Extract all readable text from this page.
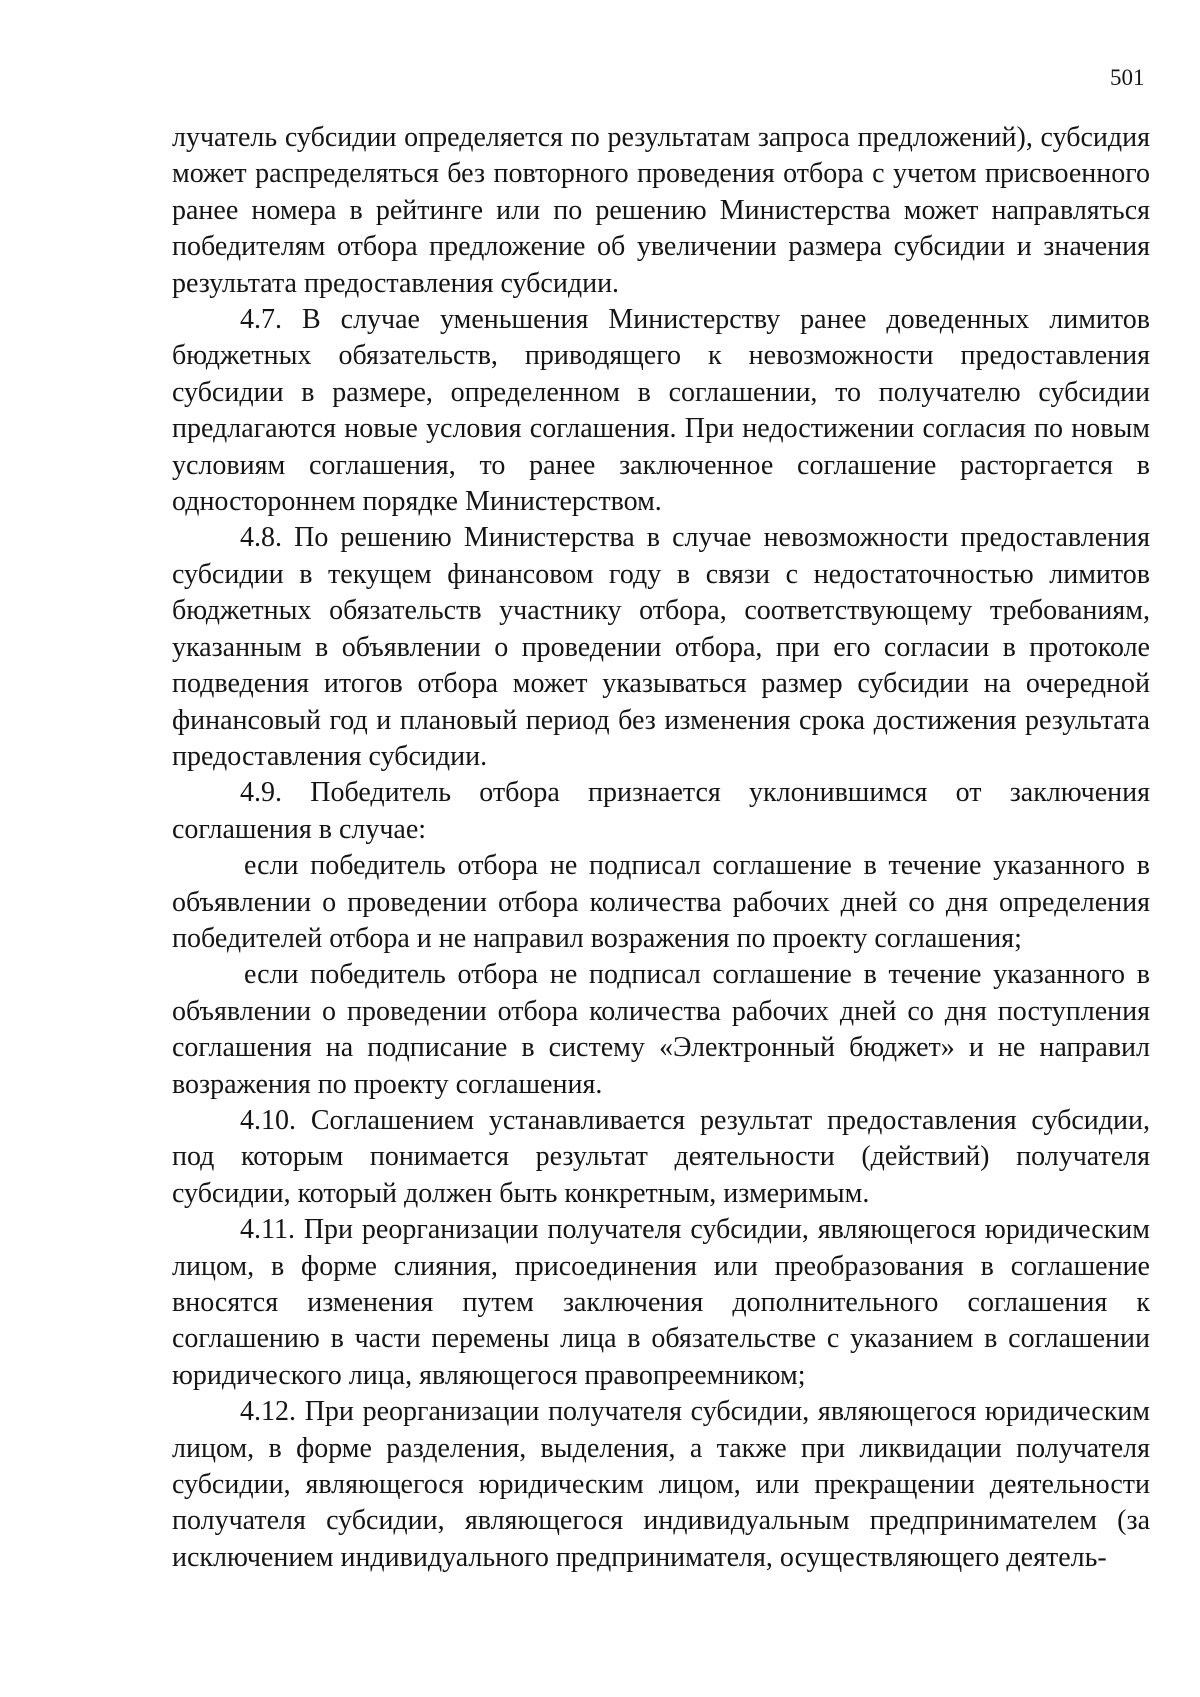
501

лучатель субсидии определяется по результатам запроса предложений), субсидия может распределяться без повторного проведения отбора с учетом присвоенного ранее номера в рейтинге или по решению Министерства может направляться победителям отбора предложение об увеличении размера субсидии и значения результата предоставления субсидии.

4.7. В случае уменьшения Министерству ранее доведенных лимитов бюджетных обязательств, приводящего к невозможности предоставления субсидии в размере, определенном в соглашении, то получателю субсидии предлагаются новые условия соглашения. При недостижении согласия по новым условиям соглашения, то ранее заключенное соглашение расторгается в одностороннем порядке Министерством.

4.8. По решению Министерства в случае невозможности предоставления субсидии в текущем финансовом году в связи с недостаточностью лимитов бюджетных обязательств участнику отбора, соответствующему требованиям, указанным в объявлении о проведении отбора, при его согласии в протоколе подведения итогов отбора может указываться размер субсидии на очередной финансовый год и плановый период без изменения срока достижения результата предоставления субсидии.

4.9. Победитель отбора признается уклонившимся от заключения соглашения в случае:

если победитель отбора не подписал соглашение в течение указанного в объявлении о проведении отбора количества рабочих дней со дня определения победителей отбора и не направил возражения по проекту соглашения;

если победитель отбора не подписал соглашение в течение указанного в объявлении о проведении отбора количества рабочих дней со дня поступления соглашения на подписание в систему «Электронный бюджет» и не направил возражения по проекту соглашения.

4.10. Соглашением устанавливается результат предоставления субсидии, под которым понимается результат деятельности (действий) получателя субсидии, который должен быть конкретным, измеримым.

4.11. При реорганизации получателя субсидии, являющегося юридическим лицом, в форме слияния, присоединения или преобразования в соглашение вносятся изменения путем заключения дополнительного соглашения к соглашению в части перемены лица в обязательстве с указанием в соглашении юридического лица, являющегося правопреемником;

4.12. При реорганизации получателя субсидии, являющегося юридическим лицом, в форме разделения, выделения, а также при ликвидации получателя субсидии, являющегося юридическим лицом, или прекращении деятельности получателя субсидии, являющегося индивидуальным предпринимателем (за исключением индивидуального предпринимателя, осуществляющего деятель-
